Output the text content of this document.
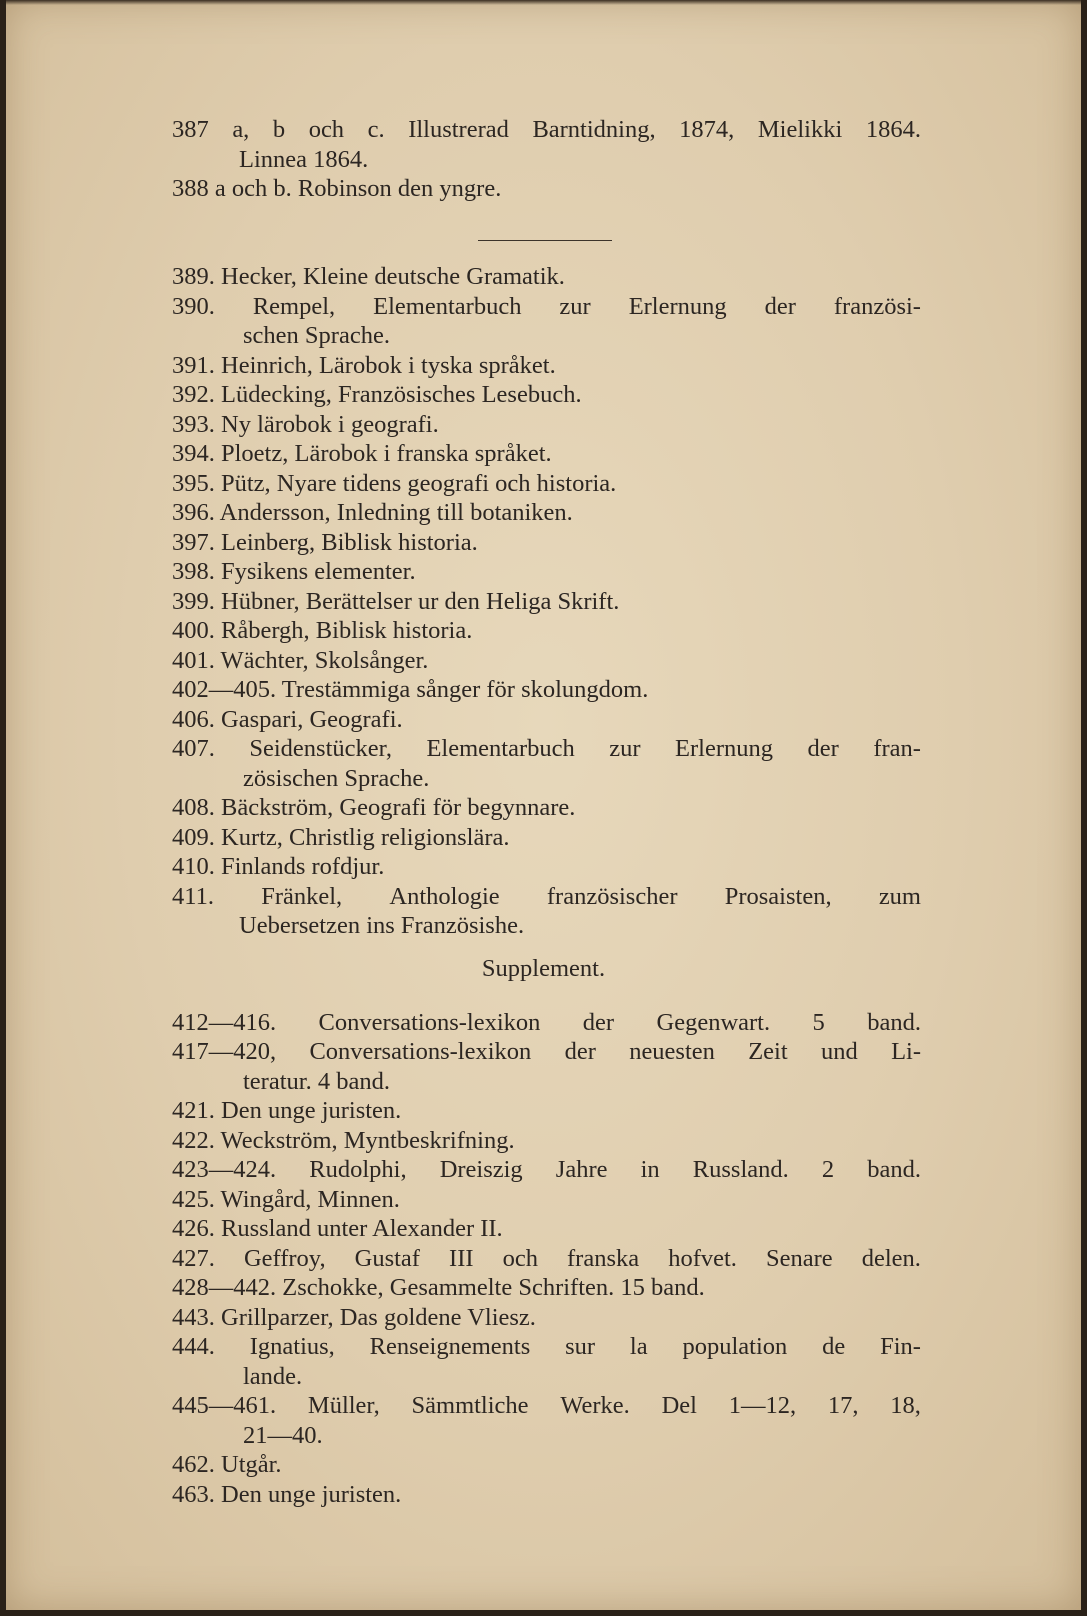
387 a, b och c. Illustrerad Barntidning, 1874, Mielikki 1864.
Linnea 1864.
388 a och b. Robinson den yngre.
389. Hecker, Kleine deutsche Gramatik.
390. Rempel, Elementarbuch zur Erlernung der französi-
schen Sprache.
391. Heinrich, Lärobok i tyska språket.
392. Lüdecking, Französisches Lesebuch.
393. Ny lärobok i geografi.
394. Ploetz, Lärobok i franska språket.
395. Pütz, Nyare tidens geografi och historia.
396. Andersson, Inledning till botaniken.
397. Leinberg, Biblisk historia.
398. Fysikens elementer.
399. Hübner, Berättelser ur den Heliga Skrift.
400. Råbergh, Biblisk historia.
401. Wächter, Skolsånger.
402—405. Trestämmiga sånger för skolungdom.
406. Gaspari, Geografi.
407. Seidenstücker, Elementarbuch zur Erlernung der fran-
zösischen Sprache.
408. Bäckström, Geografi för begynnare.
409. Kurtz, Christlig religionslära.
410. Finlands rofdjur.
411. Fränkel, Anthologie französischer Prosaisten, zum
Uebersetzen ins Französishe.
Supplement.
412—416. Conversations-lexikon der Gegenwart. 5 band.
417—420, Conversations-lexikon der neuesten Zeit und Li-
teratur. 4 band.
421. Den unge juristen.
422. Weckström, Myntbeskrifning.
423—424. Rudolphi, Dreiszig Jahre in Russland. 2 band.
425. Wingård, Minnen.
426. Russland unter Alexander II.
427. Geffroy, Gustaf III och franska hofvet. Senare delen.
428—442. Zschokke, Gesammelte Schriften. 15 band.
443. Grillparzer, Das goldene Vliesz.
444. Ignatius, Renseignements sur la population de Fin-
lande.
445—461. Müller, Sämmtliche Werke. Del 1—12, 17, 18,
21—40.
462. Utgår.
463. Den unge juristen.
